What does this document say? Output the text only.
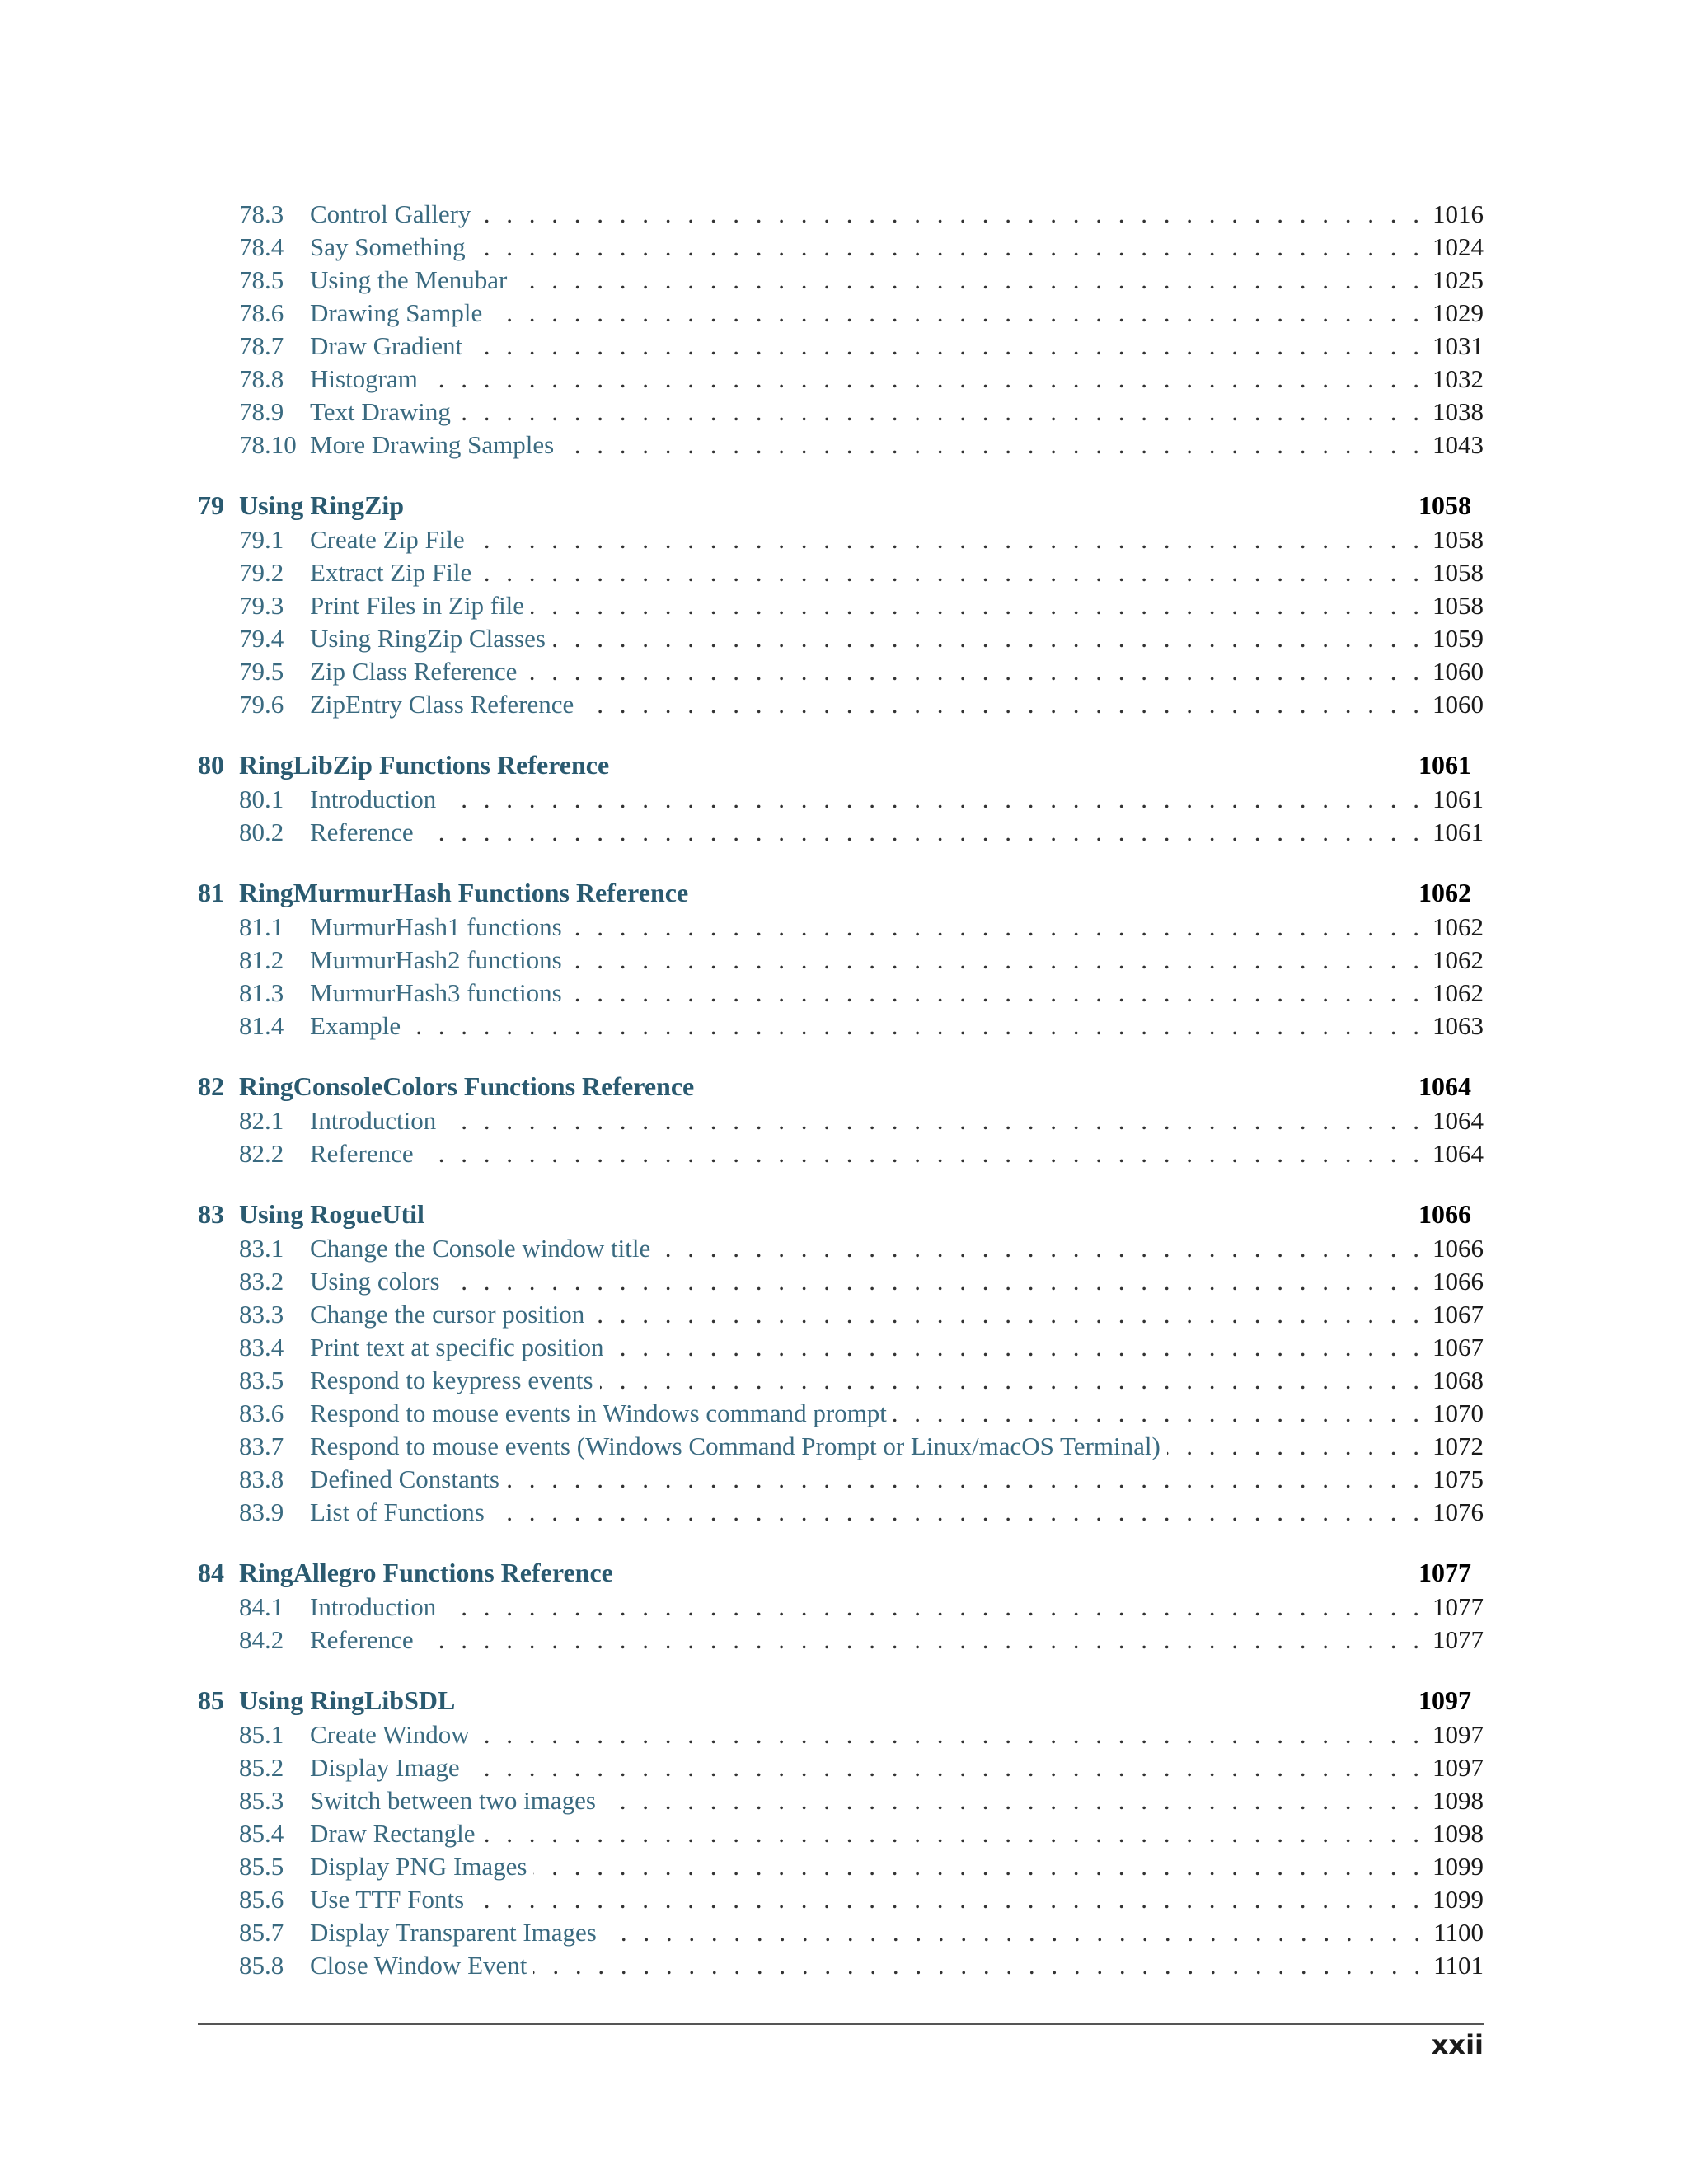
78.3	Control Gallery . . .	1016
78.4	Say Something . . .	1024
78.5	Using the Menubar . . .	1025
78.6	Drawing Sample . . .	1029
78.7	Draw Gradient . . .	1031
78.8	Histogram . . .	1032
78.9	Text Drawing . . .	1038
78.10 More Drawing Samples . . .	1043
79 Using RingZip	1058
79.1	Create Zip File . . .	1058
79.2	Extract Zip File . . .	1058
79.3	Print Files in Zip file . . .	1058
79.4	Using RingZip Classes . . .	1059
79.5	Zip Class Reference . . .	1060
79.6	ZipEntry Class Reference . . .	1060
80 RingLibZip Functions Reference	1061
80.1	Introduction . . .	1061
80.2	Reference . . .	1061
81 RingMurmurHash Functions Reference	1062
81.1	MurmurHash1 functions . . .	1062
81.2	MurmurHash2 functions . . .	1062
81.3	MurmurHash3 functions . . .	1062
81.4	Example . . .	1063
82 RingConsoleColors Functions Reference	1064
82.1	Introduction . . .	1064
82.2	Reference . . .	1064
83 Using RogueUtil	1066
83.1	Change the Console window title . . .	1066
83.2	Using colors . . .	1066
83.3	Change the cursor position . . .	1067
83.4	Print text at specific position . . .	1067
83.5	Respond to keypress events . . .	1068
83.6	Respond to mouse events in Windows command prompt . . .	1070
83.7	Respond to mouse events (Windows Command Prompt or Linux/macOS Terminal) . . .	1072
83.8	Defined Constants . . .	1075
83.9	List of Functions . . .	1076
84 RingAllegro Functions Reference	1077
84.1	Introduction . . .	1077
84.2	Reference . . .	1077
85 Using RingLibSDL	1097
85.1	Create Window . . .	1097
85.2	Display Image . . .	1097
85.3	Switch between two images . . .	1098
85.4	Draw Rectangle . . .	1098
85.5	Display PNG Images . . .	1099
85.6	Use TTF Fonts . . .	1099
85.7	Display Transparent Images . . .	1100
85.8	Close Window Event . . .	1101
xxii
